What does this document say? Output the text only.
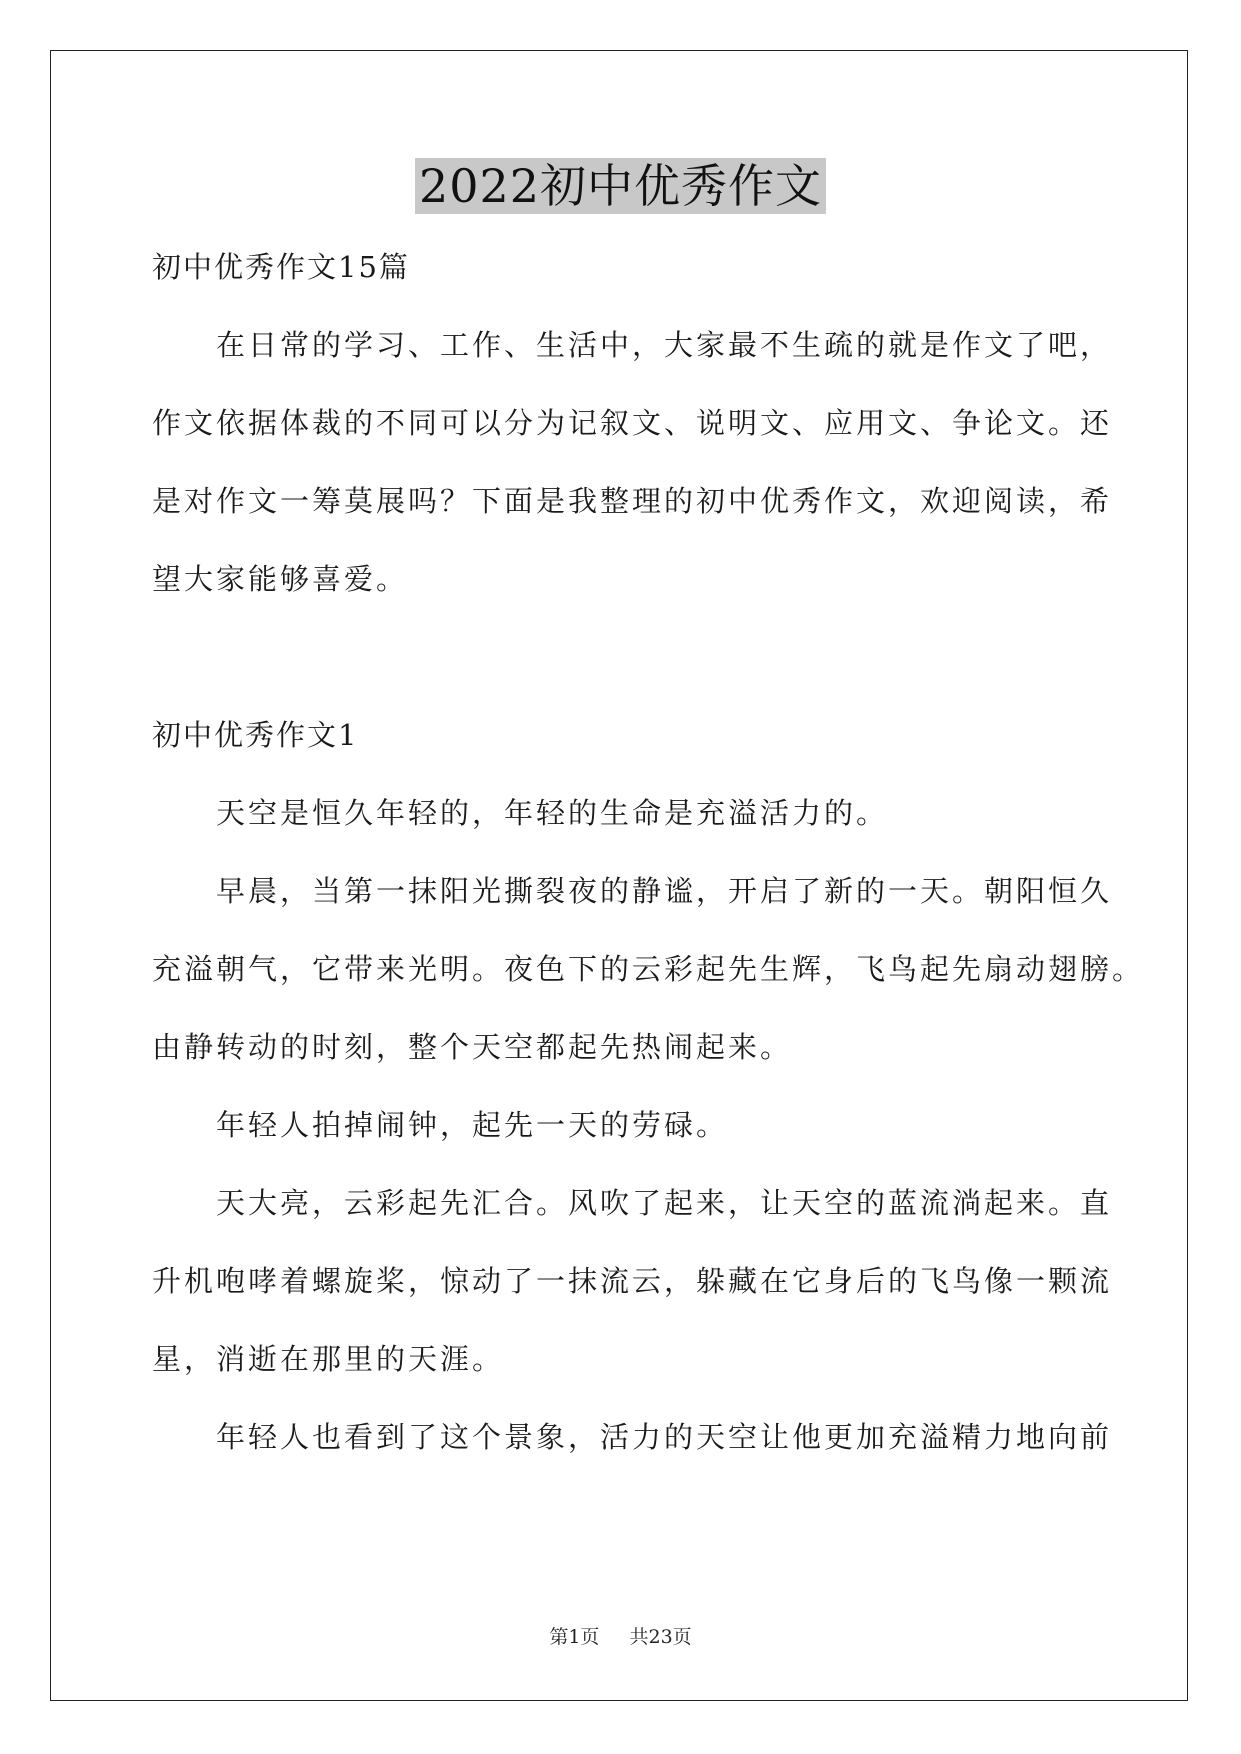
2022初中优秀作文
初中优秀作文15篇
　　在日常的学习、工作、生活中，大家最不生疏的就是作文了吧，
作文依据体裁的不同可以分为记叙文、说明文、应用文、争论文。还
是对作文一筹莫展吗？下面是我整理的初中优秀作文，欢迎阅读，希
望大家能够喜爱。
初中优秀作文1
　　天空是恒久年轻的，年轻的生命是充溢活力的。
　　早晨，当第一抹阳光撕裂夜的静谧，开启了新的一天。朝阳恒久
充溢朝气，它带来光明。夜色下的云彩起先生辉，飞鸟起先扇动翅膀。
由静转动的时刻，整个天空都起先热闹起来。
　　年轻人拍掉闹钟，起先一天的劳碌。
　　天大亮，云彩起先汇合。风吹了起来，让天空的蓝流淌起来。直
升机咆哮着螺旋桨，惊动了一抹流云，躲藏在它身后的飞鸟像一颗流
星，消逝在那里的天涯。
　　年轻人也看到了这个景象，活力的天空让他更加充溢精力地向前
第1页 共23页
